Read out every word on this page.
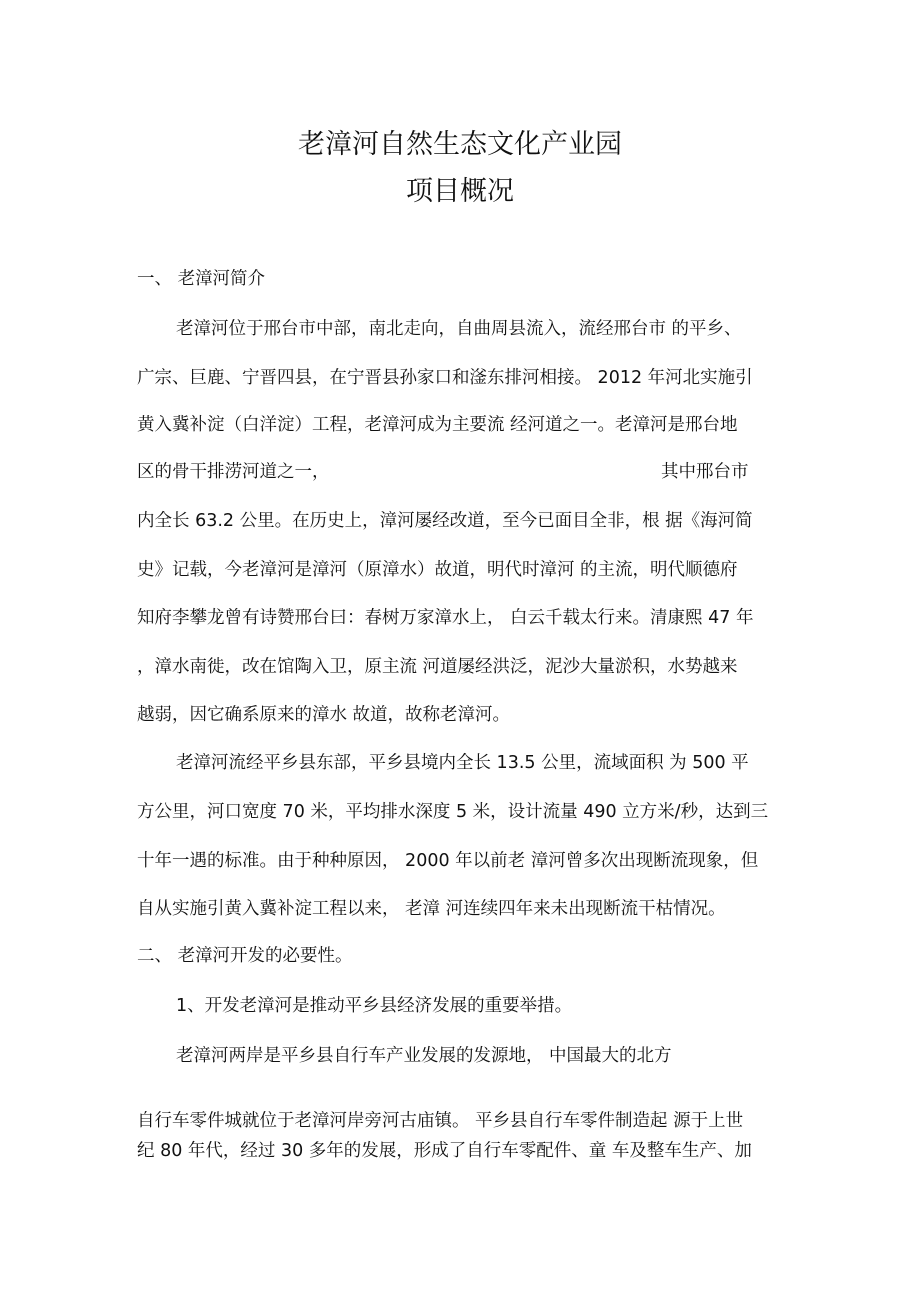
老漳河自然生态文化产业园
项目概况
一、 老漳河简介
老漳河位于邢台市中部，南北走向，自曲周县流入，流经邢台市 的平乡、
广宗、巨鹿、宁晋四县，在宁晋县孙家口和滏东排河相接。 2012 年河北实施引
黄入冀补淀（白洋淀）工程，老漳河成为主要流 经河道之一。老漳河是邢台地
区的骨干排涝河道之一，	其中邢台市
内全长 63.2 公里。在历史上，漳河屡经改道，至今已面目全非，根 据《海河简
史》记载，今老漳河是漳河（原漳水）故道，明代时漳河 的主流，明代顺德府
知府李攀龙曾有诗赞邢台曰：春树万家漳水上， 白云千载太行来。清康熙 47 年
，漳水南徙，改在馆陶入卫，原主流 河道屡经洪泛，泥沙大量淤积，水势越来
越弱，因它确系原来的漳水 故道，故称老漳河。
老漳河流经平乡县东部，平乡县境内全长 13.5 公里，流域面积 为 500 平
方公里，河口宽度 70 米，平均排水深度 5 米，设计流量 490 立方米/秒，达到三
十年一遇的标准。由于种种原因， 2000 年以前老 漳河曾多次出现断流现象，但
自从实施引黄入冀补淀工程以来， 老漳 河连续四年来未出现断流干枯情况。
二、 老漳河开发的必要性。
1、开发老漳河是推动平乡县经济发展的重要举措。
老漳河两岸是平乡县自行车产业发展的发源地， 中国最大的北方
自行车零件城就位于老漳河岸旁河古庙镇。 平乡县自行车零件制造起 源于上世
纪 80 年代，经过 30 多年的发展，形成了自行车零配件、童 车及整车生产、加
